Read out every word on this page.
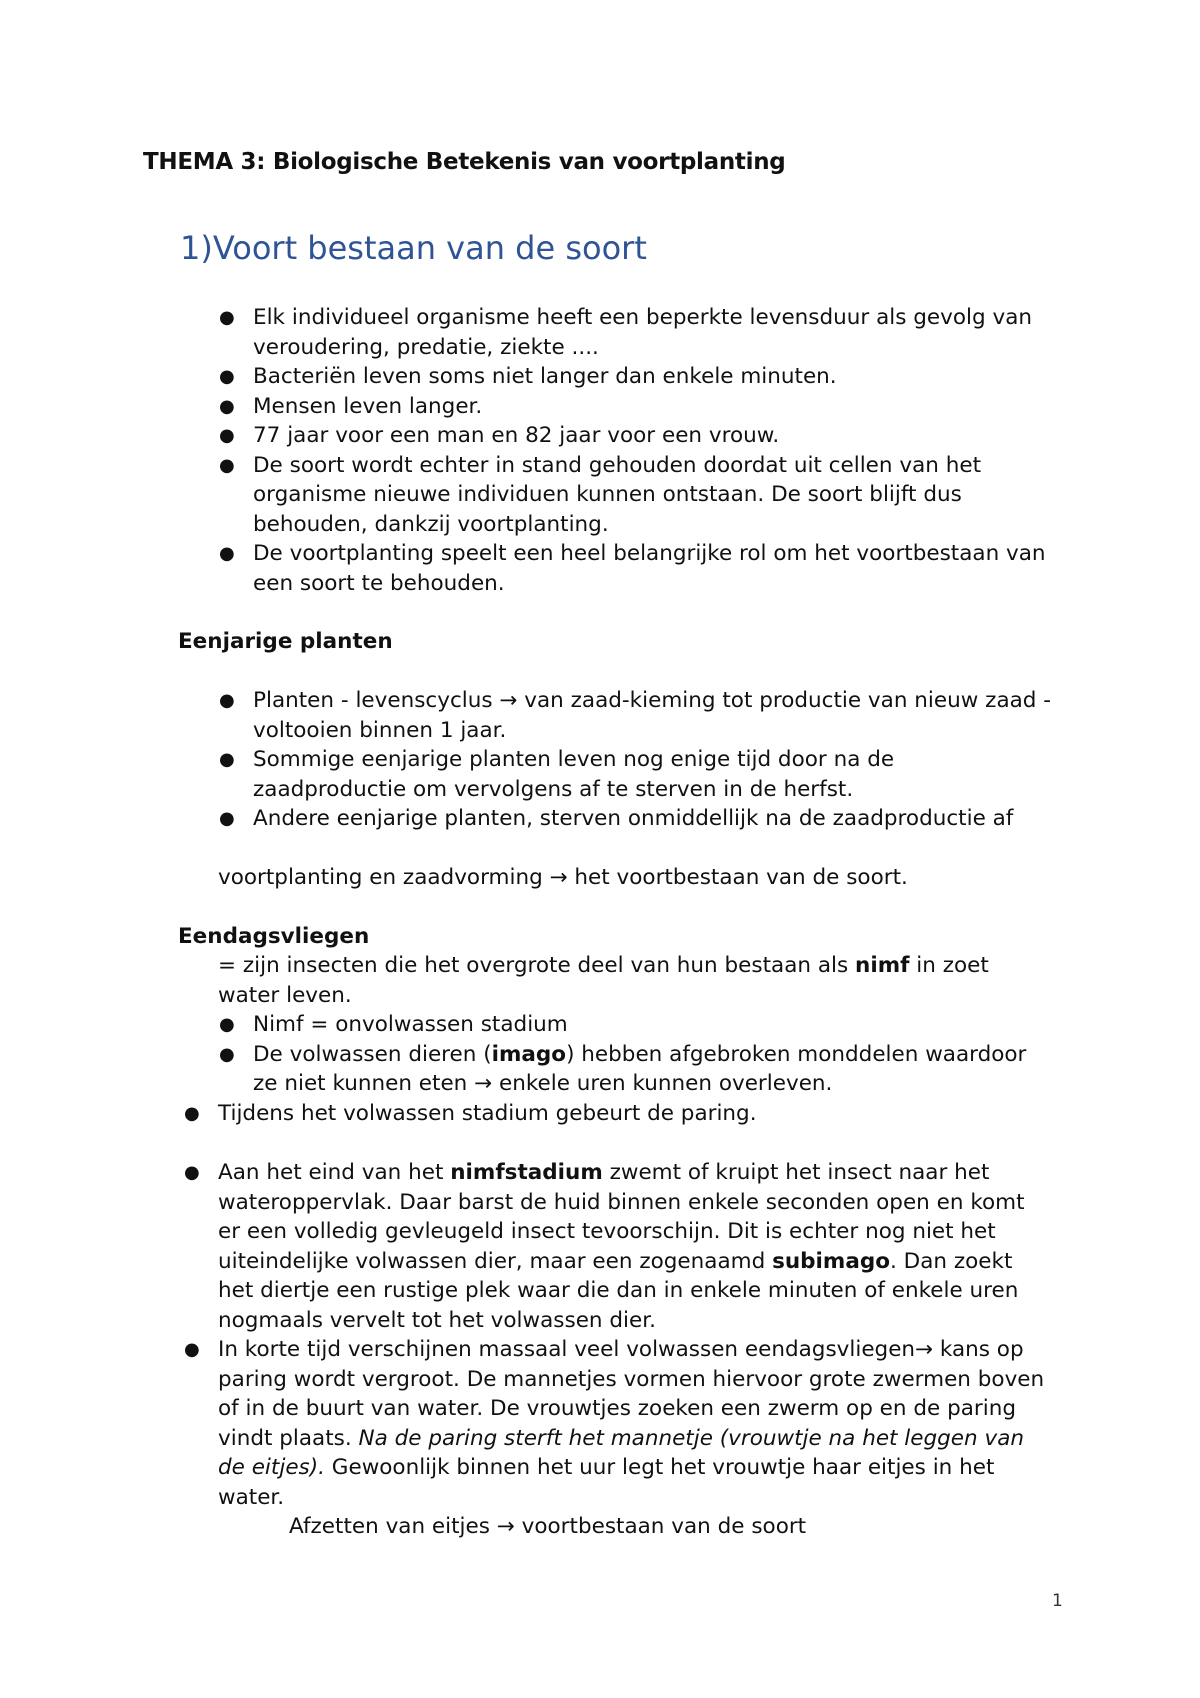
THEMA 3: Biologische Betekenis van voortplanting
1)Voort bestaan van de soort
● Elk individueel organisme heeft een beperkte levensduur als gevolg van veroudering, predatie, ziekte ....
● Bacteriën leven soms niet langer dan enkele minuten.
● Mensen leven langer.
● 77 jaar voor een man en 82 jaar voor een vrouw.
● De soort wordt echter in stand gehouden doordat uit cellen van het organisme nieuwe individuen kunnen ontstaan. De soort blijft dus behouden, dankzij voortplanting.
● De voortplanting speelt een heel belangrijke rol om het voortbestaan van een soort te behouden.
Eenjarige planten
● Planten - levenscyclus → van zaad-kieming tot productie van nieuw zaad - voltooien binnen 1 jaar.
● Sommige eenjarige planten leven nog enige tijd door na de zaadproductie om vervolgens af te sterven in de herfst.
● Andere eenjarige planten, sterven onmiddellijk na de zaadproductie af
voortplanting en zaadvorming → het voortbestaan van de soort.
Eendagsvliegen
= zijn insecten die het overgrote deel van hun bestaan als nimf in zoet water leven.
● Nimf = onvolwassen stadium
● De volwassen dieren (imago) hebben afgebroken monddelen waardoor ze niet kunnen eten → enkele uren kunnen overleven.
● Tijdens het volwassen stadium gebeurt de paring.
● Aan het eind van het nimfstadium zwemt of kruipt het insect naar het wateroppervlak. Daar barst de huid binnen enkele seconden open en komt er een volledig gevleugeld insect tevoorschijn. Dit is echter nog niet het uiteindelijke volwassen dier, maar een zogenaamd subimago. Dan zoekt het diertje een rustige plek waar die dan in enkele minuten of enkele uren nogmaals vervelt tot het volwassen dier.
● In korte tijd verschijnen massaal veel volwassen eendagsvliegen→ kans op paring wordt vergroot. De mannetjes vormen hiervoor grote zwermen boven of in de buurt van water. De vrouwtjes zoeken een zwerm op en de paring vindt plaats. Na de paring sterft het mannetje (vrouwtje na het leggen van de eitjes). Gewoonlijk binnen het uur legt het vrouwtje haar eitjes in het water.
Afzetten van eitjes → voortbestaan van de soort
1
